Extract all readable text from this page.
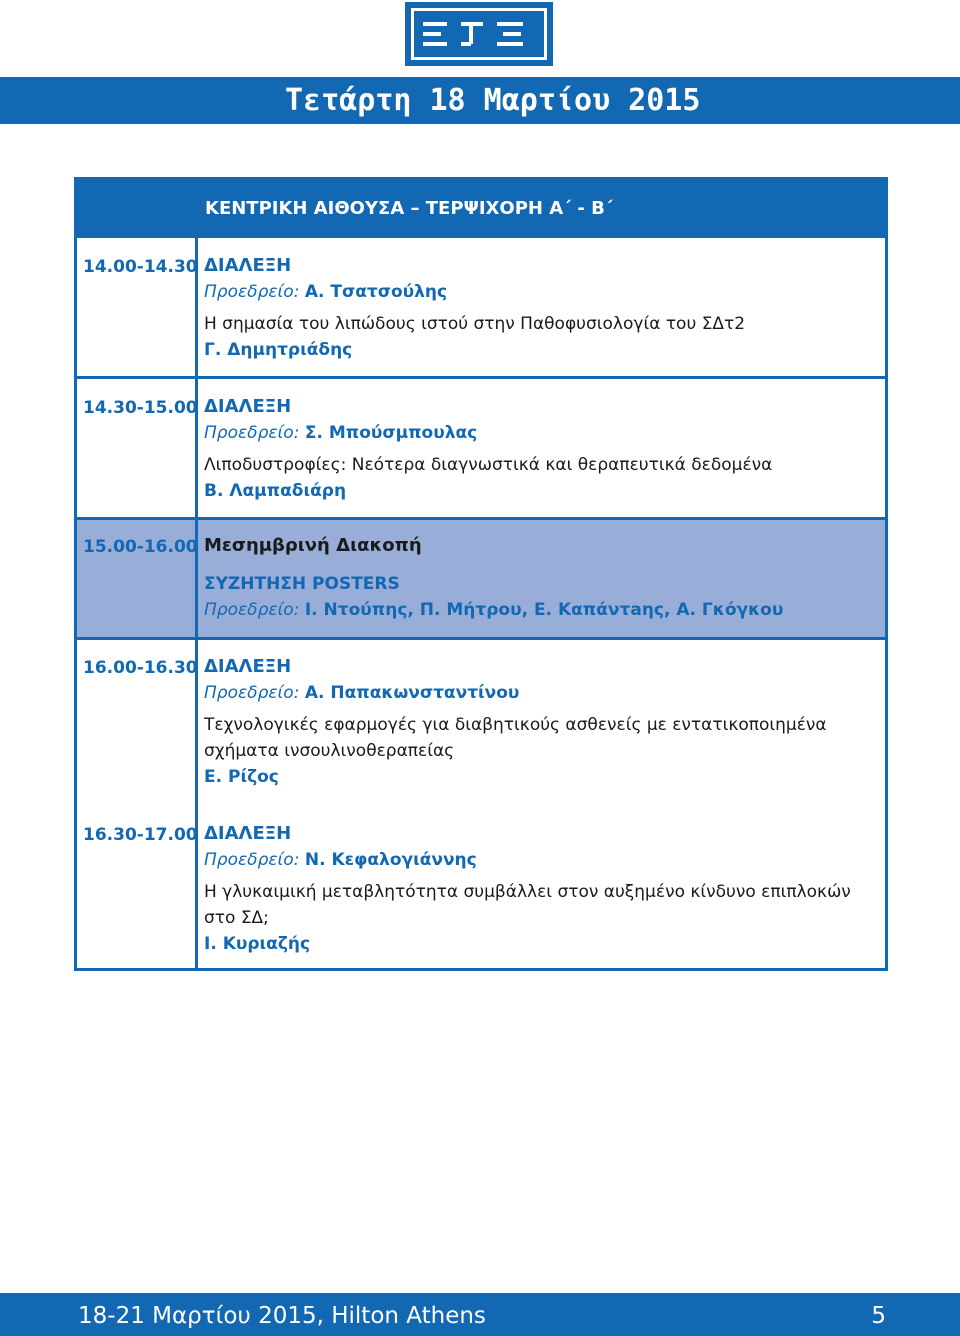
Τετάρτη 18 Μαρτίου 2015
ΚΕΝΤΡΙΚΗ ΑΙΘΟΥΣΑ – ΤΕΡΨΙΧΟΡΗ Α΄ - Β΄
14.00-14.30 ΔΙΑΛΕΞΗ
Προεδρείο: Α. Τσατσούλης
Η σημασία του λιπώδους ιστού στην Παθοφυσιολογία του ΣΔτ2
Γ. Δημητριάδης
14.30-15.00 ΔΙΑΛΕΞΗ
Προεδρείο: Σ. Μπούσμπουλας
Λιποδυστροφίες: Νεότερα διαγνωστικά και θεραπευτικά δεδομένα
Β. Λαμπαδιάρη
15.00-16.00 Μεσημβρινή Διακοπή
ΣΥΖΗΤΗΣΗ POSTERS
Προεδρείο: Ι. Ντούπης, Π. Μήτρου, Ε. Καπάντaης, Α. Γκόγκου
16.00-16.30 ΔΙΑΛΕΞΗ
Προεδρείο: Α. Παπακωνσταντίνου
Τεχνολογικές εφαρμογές για διαβητικούς ασθενείς με εντατικοποιημένα σχήματα ινσουλινοθεραπείας
Ε. Ρίζος
16.30-17.00 ΔΙΑΛΕΞΗ
Προεδρείο: Ν. Κεφαλογιάννης
Η γλυκαιμική μεταβλητότητα συμβάλλει στον αυξημένο κίνδυνο επιπλοκών στο ΣΔ;
Ι. Κυριαζής
18-21 Μαρτίου 2015, Hilton Athens	5
